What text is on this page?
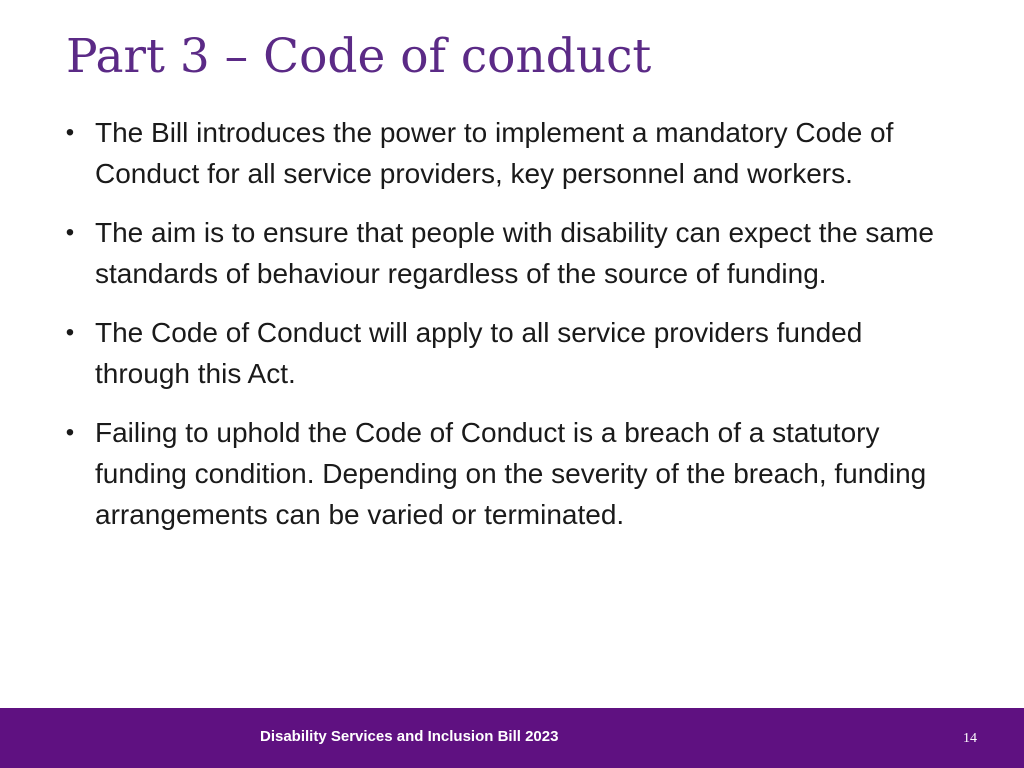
Part 3 – Code of conduct
• The Bill introduces the power to implement a mandatory Code of Conduct for all service providers, key personnel and workers.
• The aim is to ensure that people with disability can expect the same standards of behaviour regardless of the source of funding.
• The Code of Conduct will apply to all service providers funded through this Act.
• Failing to uphold the Code of Conduct is a breach of a statutory funding condition. Depending on the severity of the breach, funding arrangements can be varied or terminated.
Disability Services and Inclusion Bill 2023	14
